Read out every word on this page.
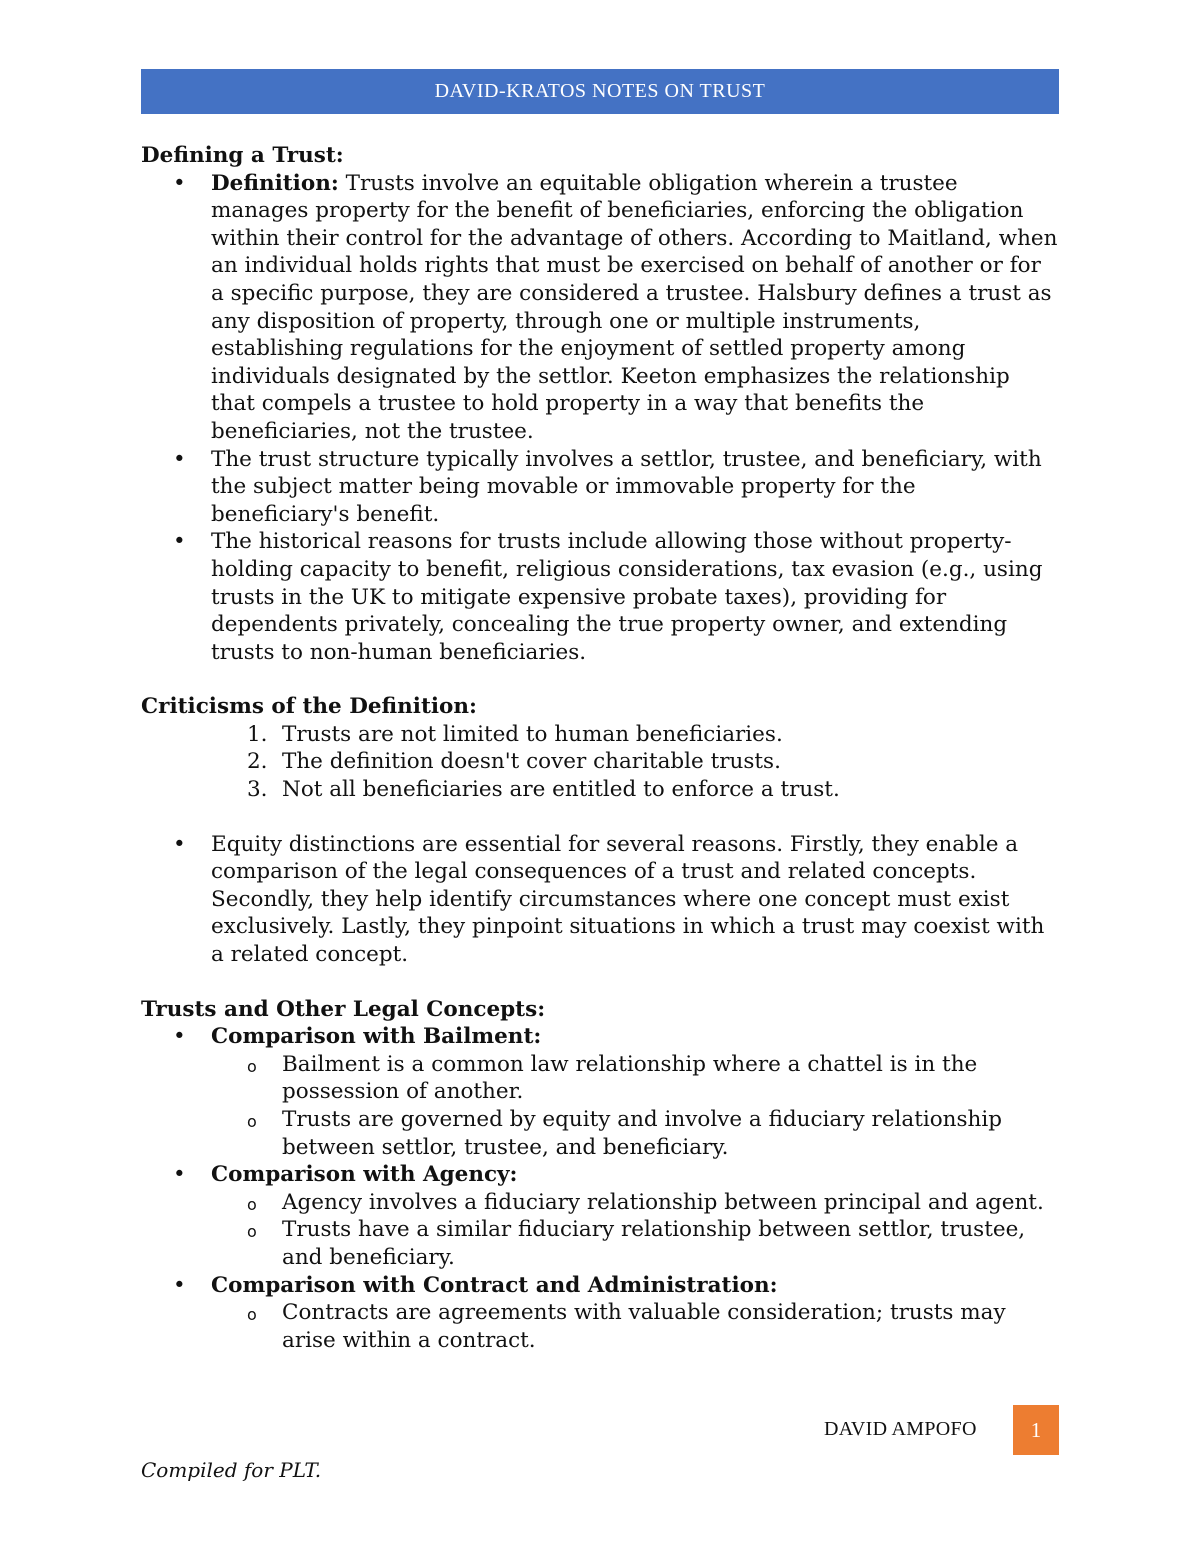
DAVID-KRATOS NOTES ON TRUST

Defining a Trust:

• Definition: Trusts involve an equitable obligation wherein a trustee manages property for the benefit of beneficiaries, enforcing the obligation within their control for the advantage of others. According to Maitland, when an individual holds rights that must be exercised on behalf of another or for a specific purpose, they are considered a trustee. Halsbury defines a trust as any disposition of property, through one or multiple instruments, establishing regulations for the enjoyment of settled property among individuals designated by the settlor. Keeton emphasizes the relationship that compels a trustee to hold property in a way that benefits the beneficiaries, not the trustee.
• The trust structure typically involves a settlor, trustee, and beneficiary, with the subject matter being movable or immovable property for the beneficiary's benefit.
• The historical reasons for trusts include allowing those without property-holding capacity to benefit, religious considerations, tax evasion (e.g., using trusts in the UK to mitigate expensive probate taxes), providing for dependents privately, concealing the true property owner, and extending trusts to non-human beneficiaries.

Criticisms of the Definition:

1. Trusts are not limited to human beneficiaries.
2. The definition doesn't cover charitable trusts.
3. Not all beneficiaries are entitled to enforce a trust.
• Equity distinctions are essential for several reasons. Firstly, they enable a comparison of the legal consequences of a trust and related concepts. Secondly, they help identify circumstances where one concept must exist exclusively. Lastly, they pinpoint situations in which a trust may coexist with a related concept.

Trusts and Other Legal Concepts:

• Comparison with Bailment:
o Bailment is a common law relationship where a chattel is in the possession of another.
o Trusts are governed by equity and involve a fiduciary relationship between settlor, trustee, and beneficiary.
• Comparison with Agency:
o Agency involves a fiduciary relationship between principal and agent.
o Trusts have a similar fiduciary relationship between settlor, trustee, and beneficiary.
• Comparison with Contract and Administration:
o Contracts are agreements with valuable consideration; trusts may arise within a contract.
DAVID AMPOFO	1
Compiled for PLT.
